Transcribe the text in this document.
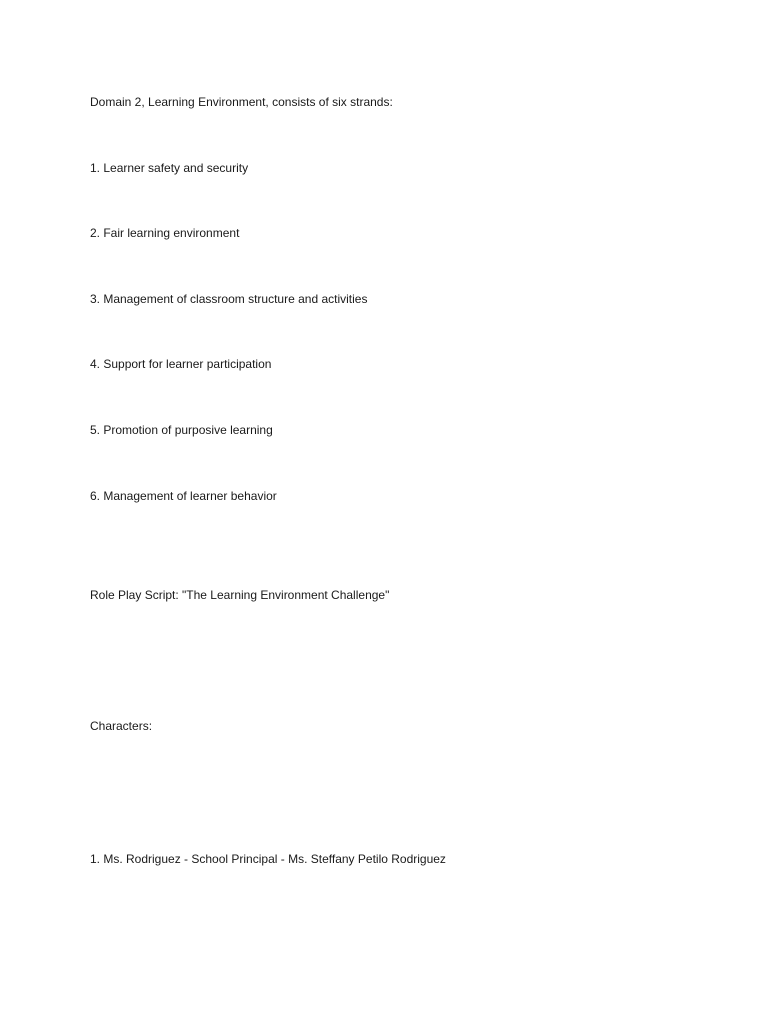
Domain 2, Learning Environment, consists of six strands:
1. Learner safety and security
2. Fair learning environment
3. Management of classroom structure and activities
4. Support for learner participation
5. Promotion of purposive learning
6. Management of learner behavior
Role Play Script: "The Learning Environment Challenge"
Characters:
1. Ms. Rodriguez - School Principal - Ms. Steffany Petilo Rodriguez
